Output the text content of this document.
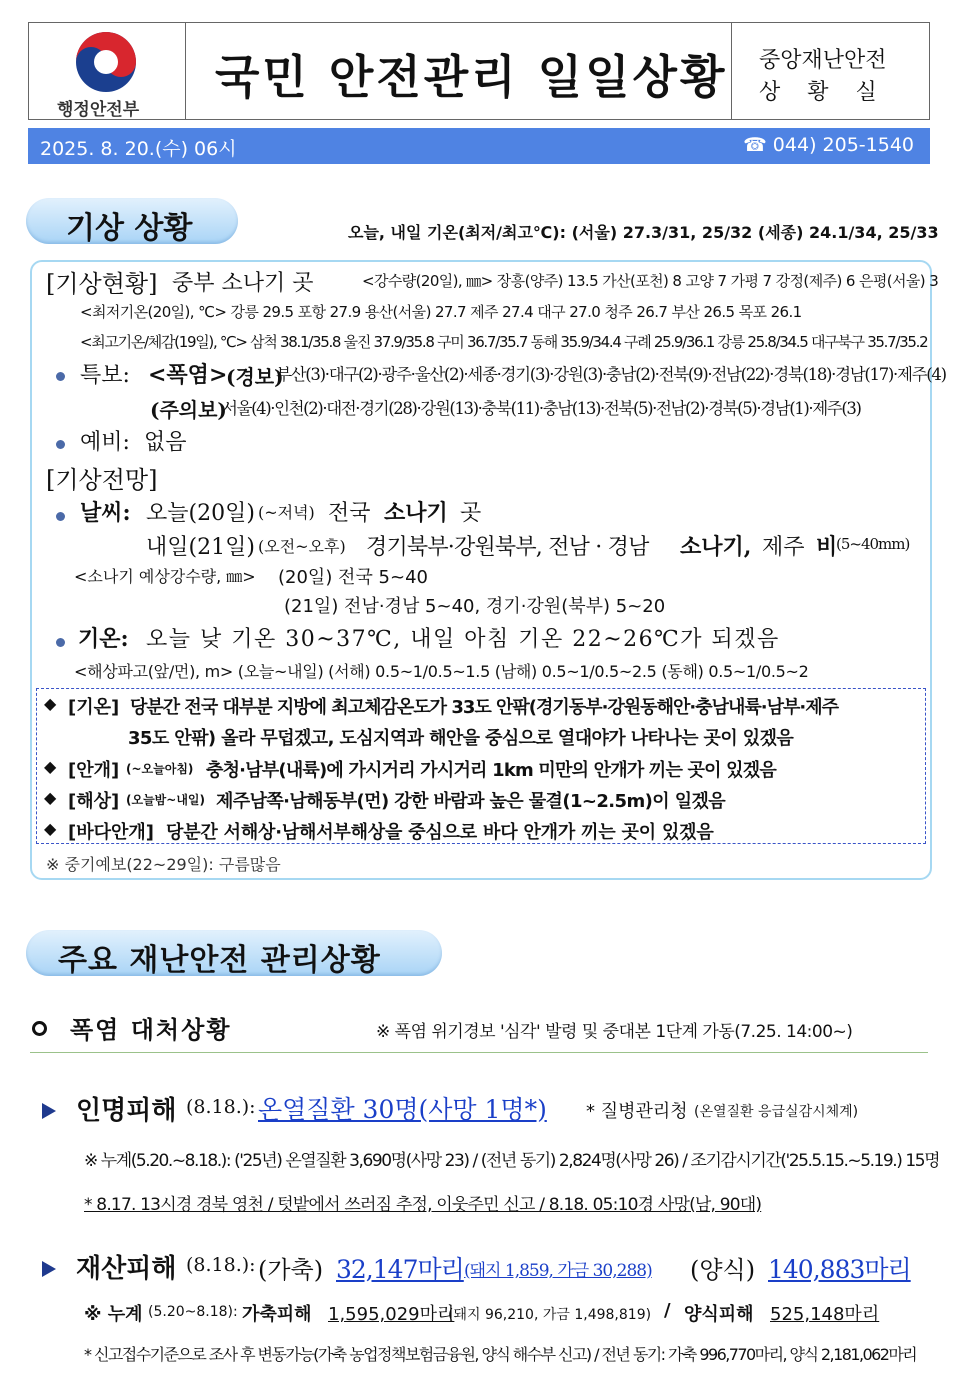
행정안전부
국민 안전관리 일일상황 중앙재난안전
상 황 실
2025. 8. 20.(수) 06시	☎ 044) 205-1540
기상 상황	오늘, 내일 기온(최저/최고℃): (서울) 27.3/31, 25/32 (세종) 24.1/34, 25/33
[기상현황] 중부 소나기 곳	<강수량(20일), ㎜> 장흥(양주) 13.5 가산(포천) 8 고양 7 가평 7 강정(제주) 6 은평(서울) 3
<최저기온(20일), ℃> 강릉 29.5 포항 27.9 용산(서울) 27.7 제주 27.4 대구 27.0 청주 26.7 부산 26.5 목포 26.1
<최고기온/체감(19일), ℃> 삼척 38.1/35.8 울진 37.9/35.8 구미 36.7/35.7 동해 35.9/34.4 구례 25.9/36.1 강릉 25.8/34.5 대구북구 35.7/35.2
특보: <폭염>
(경보)
부산(3)·대구(2)·광주·울산(2)·세종·경기(3)·강원(3)·충남(2)·전북(9)·전남(22)·경북(18)·경남(17)·제주(4)
(주의보)
서울(4)·인천(2)·대전·경기(28)·강원(13)·충북(11)·충남(13)·전북(5)·전남(2)·경북(5)·경남(1)·제주(3)
예비: 없음
[기상전망]
날씨: 오늘(20일) (~저녁) 전국 소나기 곳
내일(21일) (오전~오후) 경기북부·강원북부, 전남 · 경남 소나기, 제주 비
(5~40mm)
<소나기 예상강수량, ㎜> (20일) 전국 5~40
(21일) 전남·경남 5~40, 경기·강원(북부) 5~20
기온: 오늘 낮 기온 30~37℃, 내일 아침 기온 22~26℃가 되겠음
<해상파고(앞/먼), m> (오늘~내일) (서해) 0.5~1/0.5~1.5 (남해) 0.5~1/0.5~2.5 (동해) 0.5~1/0.5~2
◆ [기온] 당분간 전국 대부분 지방에 최고체감온도가 33도 안팎(경기동부·강원동해안·충남내륙·남부·제주
35도 안팎) 올라 무덥겠고, 도심지역과 해안을 중심으로 열대야가 나타나는 곳이 있겠음
◆ [안개] (~오늘아침) 충청·남부(내륙)에 가시거리 가시거리 1km 미만의 안개가 끼는 곳이 있겠음
◆ [해상] (오늘밤~내일) 제주남쪽·남해동부(먼) 강한 바람과 높은 물결(1~2.5m)이 일겠음
◆ [바다안개] 당분간 서해상·남해서부해상을 중심으로 바다 안개가 끼는 곳이 있겠음
※ 중기예보(22~29일): 구름많음
주요 재난안전 관리상황
폭염 대처상황	※ 폭염 위기경보 '심각' 발령 및 중대본 1단계 가동(7.25. 14:00~)
인명피해 (8.18.): 온열질환 30명(사망 1명*) * 질병관리청 (온열질환 응급실감시체계)
※ 누계(5.20.~8.18.): ('25년) 온열질환 3,690명(사망 23) / (전년 동기) 2,824명(사망 26) / 조기감시기간('25.5.15.~5.19.) 15명
* 8.17. 13시경 경북 영천 / 텃밭에서 쓰러짐 추정, 이웃주민 신고 / 8.18. 05:10경 사망(남, 90대)
재산피해 (8.18.): (가축) 32,147마리 (돼지 1,859, 가금 30,288) (양식) 140,883마리
※ 누계 (5.20~8.18): 가축피해 1,595,029마리
(돼지 96,210, 가금 1,498,819) / 양식피해 525,148마리
* 신고접수기준으로 조사 후 변동가능(가축 농업정책보험금융원, 양식 해수부 신고) / 전년 동기: 가축 996,770마리, 양식 2,181,062마리
